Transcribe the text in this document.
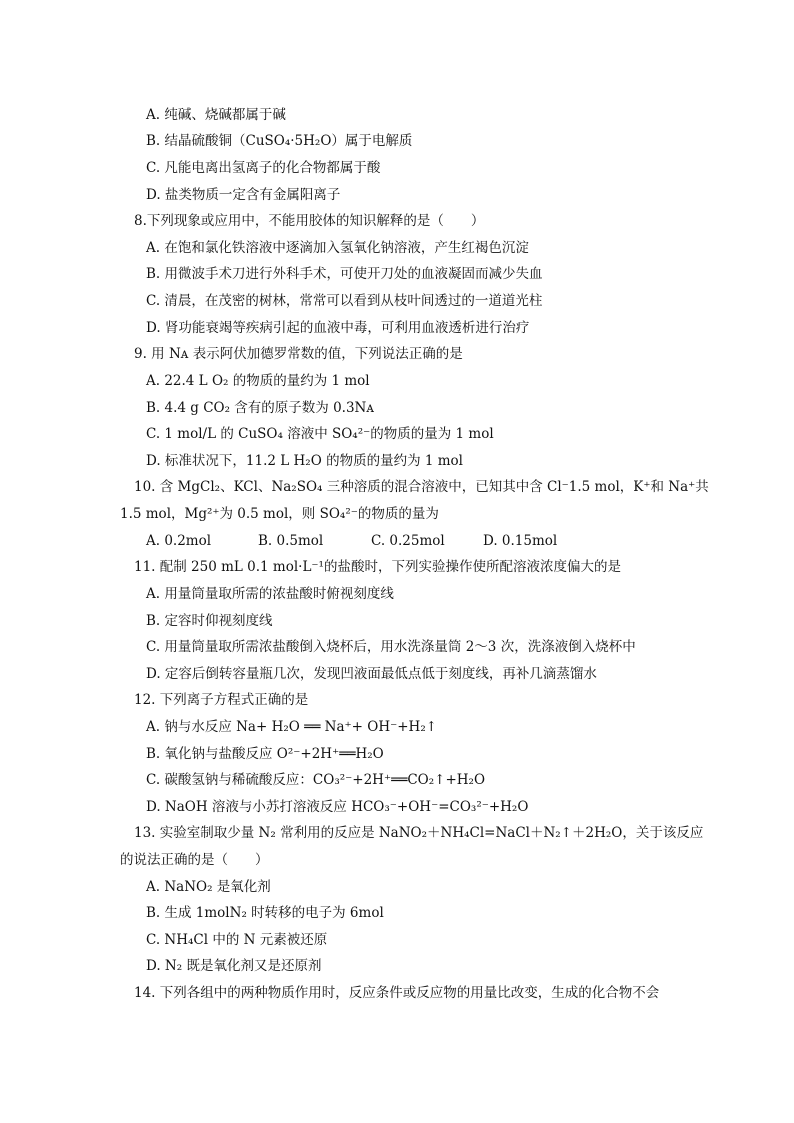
A. 纯碱、烧碱都属于碱
B. 结晶硫酸铜（CuSO₄·5H₂O）属于电解质
C. 凡能电离出氢离子的化合物都属于酸
D. 盐类物质一定含有金属阳离子
8.下列现象或应用中，不能用胶体的知识解释的是（　　）
A. 在饱和氯化铁溶液中逐滴加入氢氧化钠溶液，产生红褐色沉淀
B. 用微波手术刀进行外科手术，可使开刀处的血液凝固而减少失血
C. 清晨，在茂密的树林，常常可以看到从枝叶间透过的一道道光柱
D. 肾功能衰竭等疾病引起的血液中毒，可利用血液透析进行治疗
9. 用 Nᴀ 表示阿伏加德罗常数的值，下列说法正确的是
A. 22.4 L O₂ 的物质的量约为 1 mol
B. 4.4 g CO₂ 含有的原子数为 0.3Nᴀ
C. 1 mol/L 的 CuSO₄ 溶液中 SO₄²⁻的物质的量为 1 mol
D. 标准状况下，11.2 L H₂O 的物质的量约为 1 mol
10. 含 MgCl₂、KCl、Na₂SO₄ 三种溶质的混合溶液中，已知其中含 Cl⁻1.5 mol，K⁺和 Na⁺共
1.5 mol，Mg²⁺为 0.5 mol，则 SO₄²⁻的物质的量为
A. 0.2mol	B. 0.5mol	C. 0.25mol	D. 0.15mol
11. 配制 250 mL 0.1 mol·L⁻¹的盐酸时，下列实验操作使所配溶液浓度偏大的是
A. 用量筒量取所需的浓盐酸时俯视刻度线
B. 定容时仰视刻度线
C. 用量筒量取所需浓盐酸倒入烧杯后，用水洗涤量筒 2～3 次，洗涤液倒入烧杯中
D. 定容后倒转容量瓶几次，发现凹液面最低点低于刻度线，再补几滴蒸馏水
12. 下列离子方程式正确的是
A. 钠与水反应 Na+ H₂O ══ Na⁺+ OH⁻+H₂↑
B. 氧化钠与盐酸反应 O²⁻+2H⁺══H₂O
C. 碳酸氢钠与稀硫酸反应：CO₃²⁻+2H⁺══CO₂↑+H₂O
D. NaOH 溶液与小苏打溶液反应 HCO₃⁻+OH⁻=CO₃²⁻+H₂O
13. 实验室制取少量 N₂ 常利用的反应是 NaNO₂＋NH₄Cl=NaCl＋N₂↑＋2H₂O，关于该反应
的说法正确的是（　　）
A. NaNO₂ 是氧化剂
B. 生成 1molN₂ 时转移的电子为 6mol
C. NH₄Cl 中的 N 元素被还原
D. N₂ 既是氧化剂又是还原剂
14. 下列各组中的两种物质作用时，反应条件或反应物的用量比改变，生成的化合物不会
